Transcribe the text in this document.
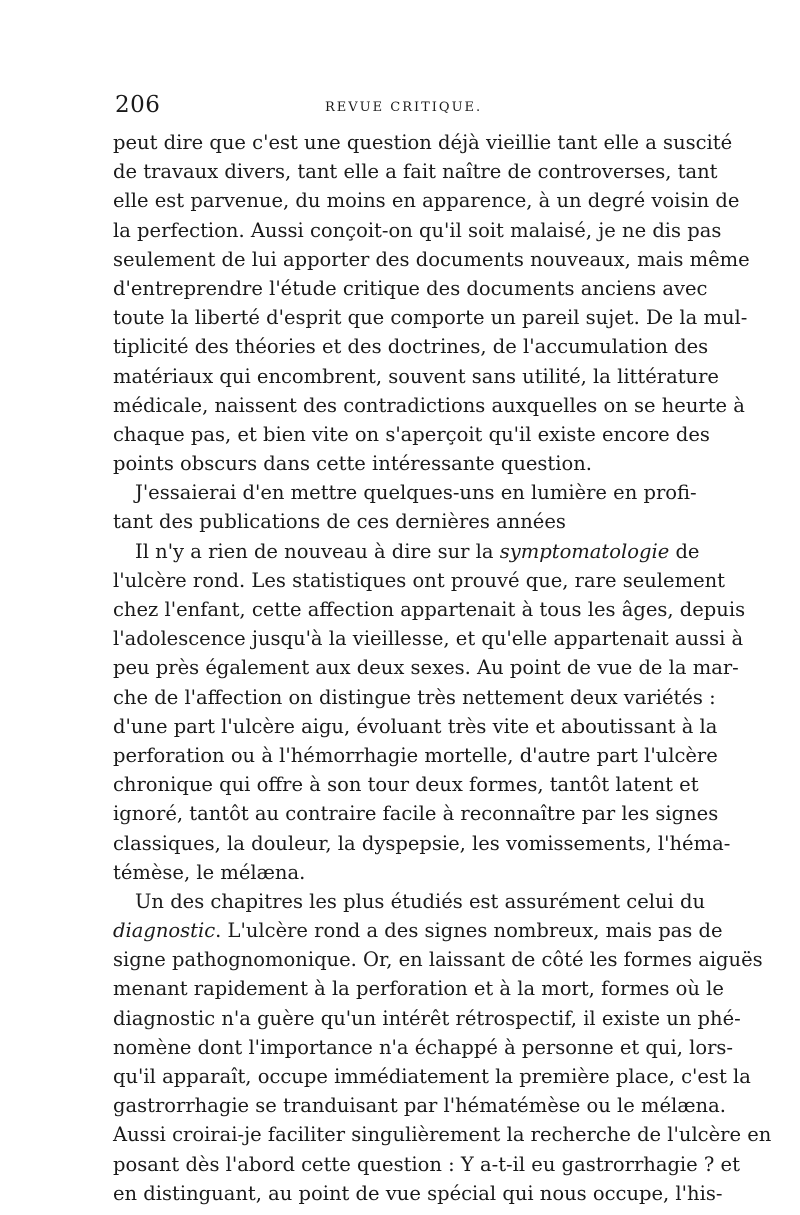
206	REVUE CRITIQUE.
peut dire que c'est une question déjà vieillie tant elle a suscité
de travaux divers, tant elle a fait naître de controverses, tant
elle est parvenue, du moins en apparence, à un degré voisin de
la perfection. Aussi conçoit-on qu'il soit malaisé, je ne dis pas
seulement de lui apporter des documents nouveaux, mais même
d'entreprendre l'étude critique des documents anciens avec
toute la liberté d'esprit que comporte un pareil sujet. De la mul-
tiplicité des théories et des doctrines, de l'accumulation des
matériaux qui encombrent, souvent sans utilité, la littérature
médicale, naissent des contradictions auxquelles on se heurte à
chaque pas, et bien vite on s'aperçoit qu'il existe encore des
points obscurs dans cette intéressante question.
J'essaierai d'en mettre quelques-uns en lumière en profi-
tant des publications de ces dernières années
Il n'y a rien de nouveau à dire sur la symptomatologie de
l'ulcère rond. Les statistiques ont prouvé que, rare seulement
chez l'enfant, cette affection appartenait à tous les âges, depuis
l'adolescence jusqu'à la vieillesse, et qu'elle appartenait aussi à
peu près également aux deux sexes. Au point de vue de la mar-
che de l'affection on distingue très nettement deux variétés :
d'une part l'ulcère aigu, évoluant très vite et aboutissant à la
perforation ou à l'hémorrhagie mortelle, d'autre part l'ulcère
chronique qui offre à son tour deux formes, tantôt latent et
ignoré, tantôt au contraire facile à reconnaître par les signes
classiques, la douleur, la dyspepsie, les vomissements, l'héma-
témèse, le mélæna.
Un des chapitres les plus étudiés est assurément celui du
diagnostic. L'ulcère rond a des signes nombreux, mais pas de
signe pathognomonique. Or, en laissant de côté les formes aiguës
menant rapidement à la perforation et à la mort, formes où le
diagnostic n'a guère qu'un intérêt rétrospectif, il existe un phé-
nomène dont l'importance n'a échappé à personne et qui, lors-
qu'il apparaît, occupe immédiatement la première place, c'est la
gastrorrhagie se tranduisant par l'hématémèse ou le mélæna.
Aussi croirai-je faciliter singulièrement la recherche de l'ulcère en
posant dès l'abord cette question : Y a-t-il eu gastrorrhagie ? et
en distinguant, au point de vue spécial qui nous occupe, l'his-
